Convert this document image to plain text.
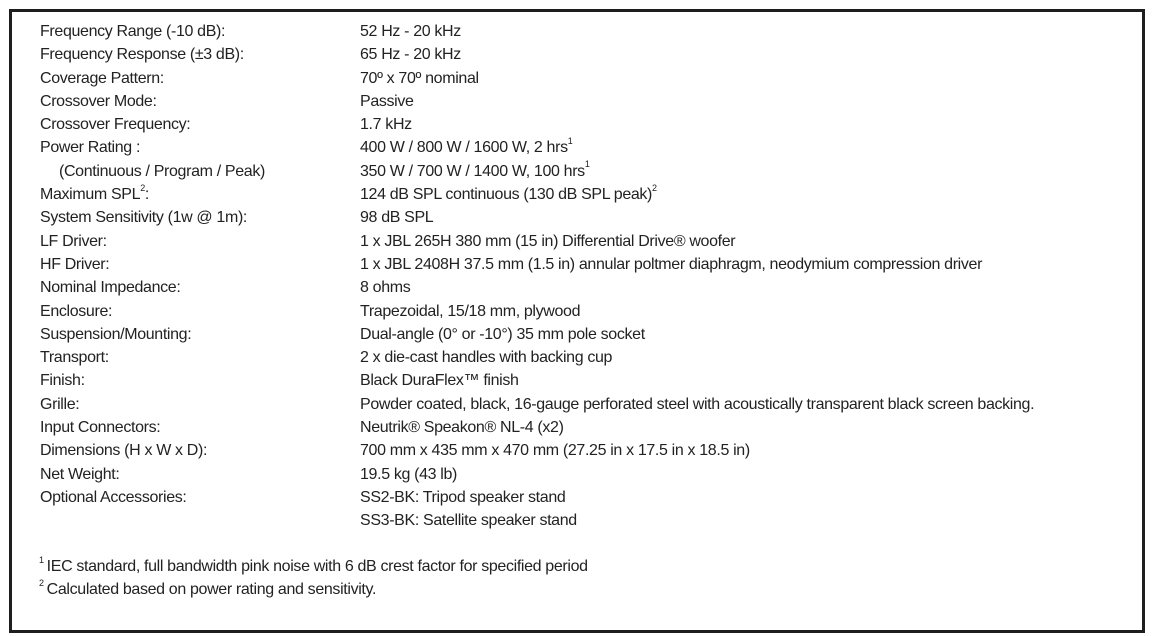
Frequency Range (-10 dB):	52 Hz - 20 kHz
Frequency Response (±3 dB):	65 Hz - 20 kHz
Coverage Pattern:	70º x 70º nominal
Crossover Mode:	Passive
Crossover Frequency:	1.7 kHz
Power Rating :	400 W / 800 W / 1600 W, 2 hrs$^1$
(Continuous / Program / Peak)	350 W / 700 W / 1400 W, 100 hrs$^1$
Maximum SPL$^2$:	124 dB SPL continuous (130 dB SPL peak)$^2$
System Sensitivity (1w @ 1m):	98 dB SPL
LF Driver:	1 x JBL 265H 380 mm (15 in) Differential Drive® woofer
HF Driver:	1 x JBL 2408H 37.5 mm (1.5 in) annular poltmer diaphragm, neodymium compression driver
Nominal Impedance:	8 ohms
Enclosure:	Trapezoidal, 15/18 mm, plywood
Suspension/Mounting:	Dual-angle (0° or -10°) 35 mm pole socket
Transport:	2 x die-cast handles with backing cup
Finish:	Black DuraFlex™ finish
Grille:	Powder coated, black, 16-gauge perforated steel with acoustically transparent black screen backing.
Input Connectors:	Neutrik® Speakon® NL-4 (x2)
Dimensions (H x W x D):	700 mm x 435 mm x 470 mm (27.25 in x 17.5 in x 18.5 in)
Net Weight:	19.5 kg (43 lb)
Optional Accessories:	SS2-BK: Tripod speaker stand
SS3-BK: Satellite speaker stand
$^1$ IEC standard, full bandwidth pink noise with 6 dB crest factor for specified period
$^2$ Calculated based on power rating and sensitivity.
